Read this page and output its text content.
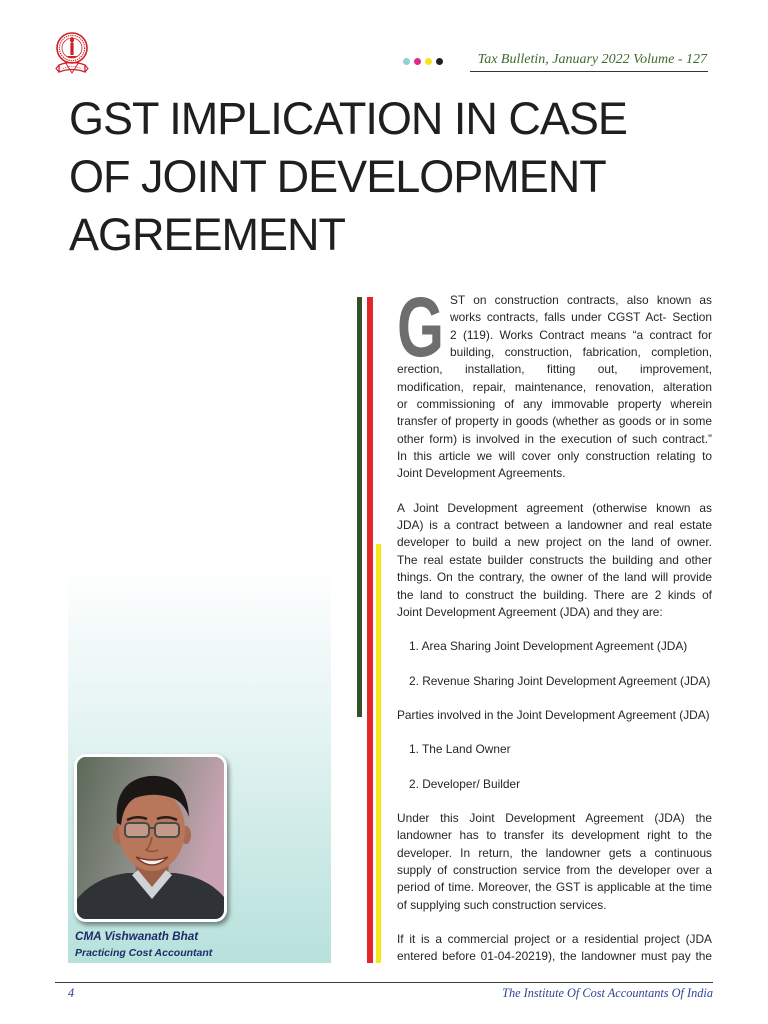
Tax Bulletin, January 2022 Volume - 127
GST IMPLICATION IN CASE
OF JOINT DEVELOPMENT
AGREEMENT
CMA Vishwanath Bhat
Practicing Cost Accountant
G ST on construction contracts, also known as
works contracts, falls under CGST Act- Section
2 (119). Works Contract means “a contract for
building, construction, fabrication, completion,
erection, installation, fitting out, improvement,
modification, repair, maintenance, renovation, alteration
or commissioning of any immovable property wherein
transfer of property in goods (whether as goods or in some
other form) is involved in the execution of such contract.”
In this article we will cover only construction relating to
Joint Development Agreements.
A Joint Development agreement (otherwise known as
JDA) is a contract between a landowner and real estate
developer to build a new project on the land of owner.
The real estate builder constructs the building and other
things. On the contrary, the owner of the land will provide
the land to construct the building. There are 2 kinds of
Joint Development Agreement (JDA) and they are:
1. Area Sharing Joint Development Agreement (JDA)
2. Revenue Sharing Joint Development Agreement (JDA)
Parties involved in the Joint Development Agreement (JDA)
1. The Land Owner
2. Developer/ Builder
Under this Joint Development Agreement (JDA) the
landowner has to transfer its development right to the
developer. In return, the landowner gets a continuous
supply of construction service from the developer over a
period of time. Moreover, the GST is applicable at the time
of supplying such construction services.
If it is a commercial project or a residential project (JDA
entered before 01-04-20219), the landowner must pay the
4	The Institute Of Cost Accountants Of India
